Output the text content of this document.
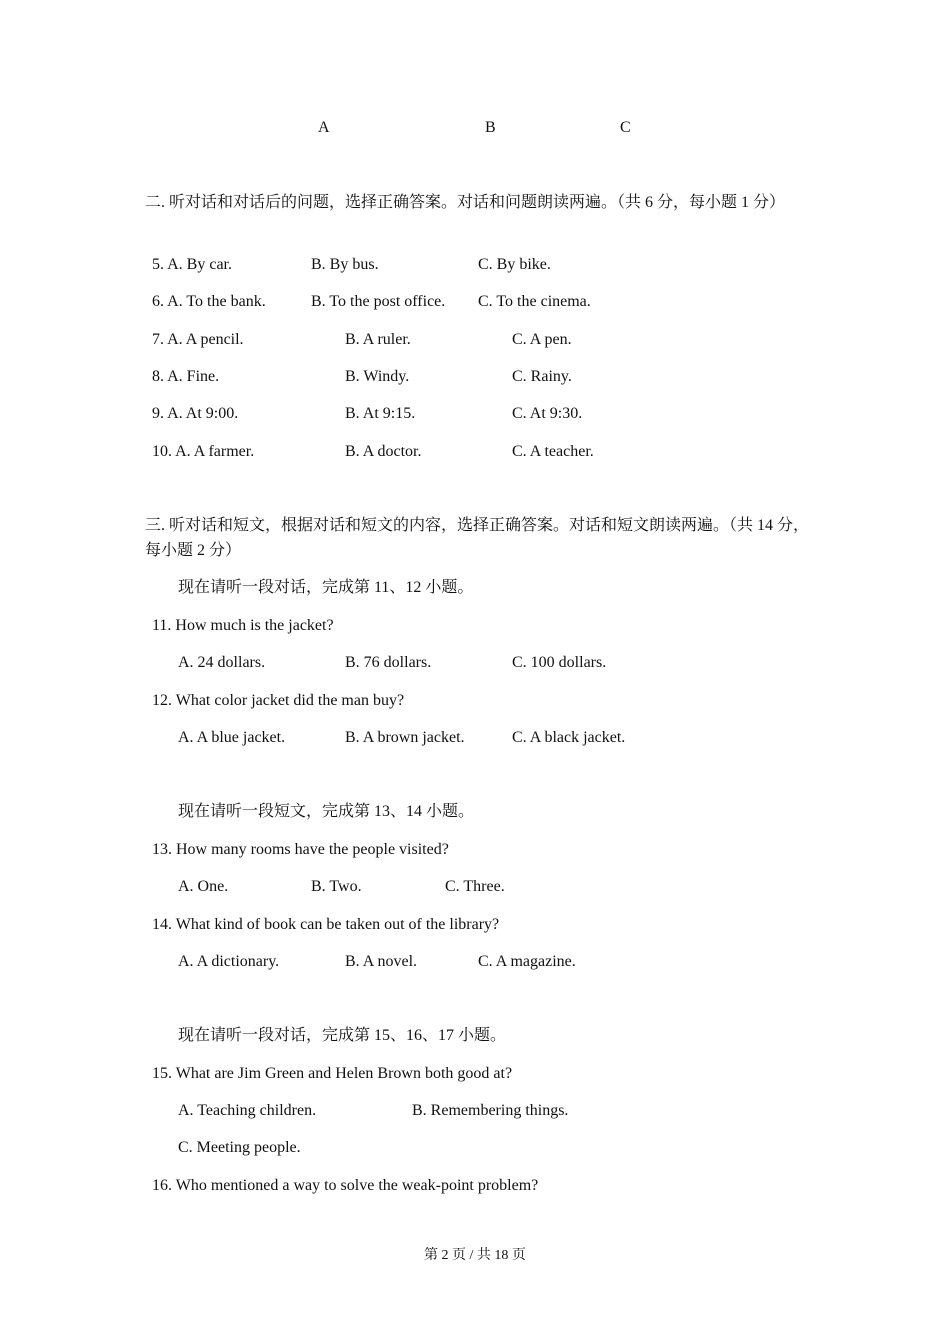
A	B	C
二. 听对话和对话后的问题，选择正确答案。对话和问题朗读两遍。（共 6 分，每小题 1 分）
5. A. By car.	B. By bus.	C. By bike.
6. A. To the bank.	B. To the post office. C. To the cinema.
7. A. A pencil.	B. A ruler.	C. A pen.
8. A. Fine.	B. Windy.	C. Rainy.
9. A. At 9:00.	B. At 9:15.	C. At 9:30.
10. A. A farmer.	B. A doctor.	C. A teacher.
三. 听对话和短文，根据对话和短文的内容，选择正确答案。对话和短文朗读两遍。（共 14 分，每小题 2 分）
现在请听一段对话，完成第 11、12 小题。
11. How much is the jacket?
A. 24 dollars.	B. 76 dollars.	C. 100 dollars.
12. What color jacket did the man buy?
A. A blue jacket.	B. A brown jacket.	C. A black jacket.
现在请听一段短文，完成第 13、14 小题。
13. How many rooms have the people visited?
A. One.	B. Two.	C. Three.
14. What kind of book can be taken out of the library?
A. A dictionary.	B. A novel.	C. A magazine.
现在请听一段对话，完成第 15、16、17 小题。
15. What are Jim Green and Helen Brown both good at?
A. Teaching children.	B. Remembering things.
C. Meeting people.
16. Who mentioned a way to solve the weak-point problem?
第 2 页 / 共 18 页
